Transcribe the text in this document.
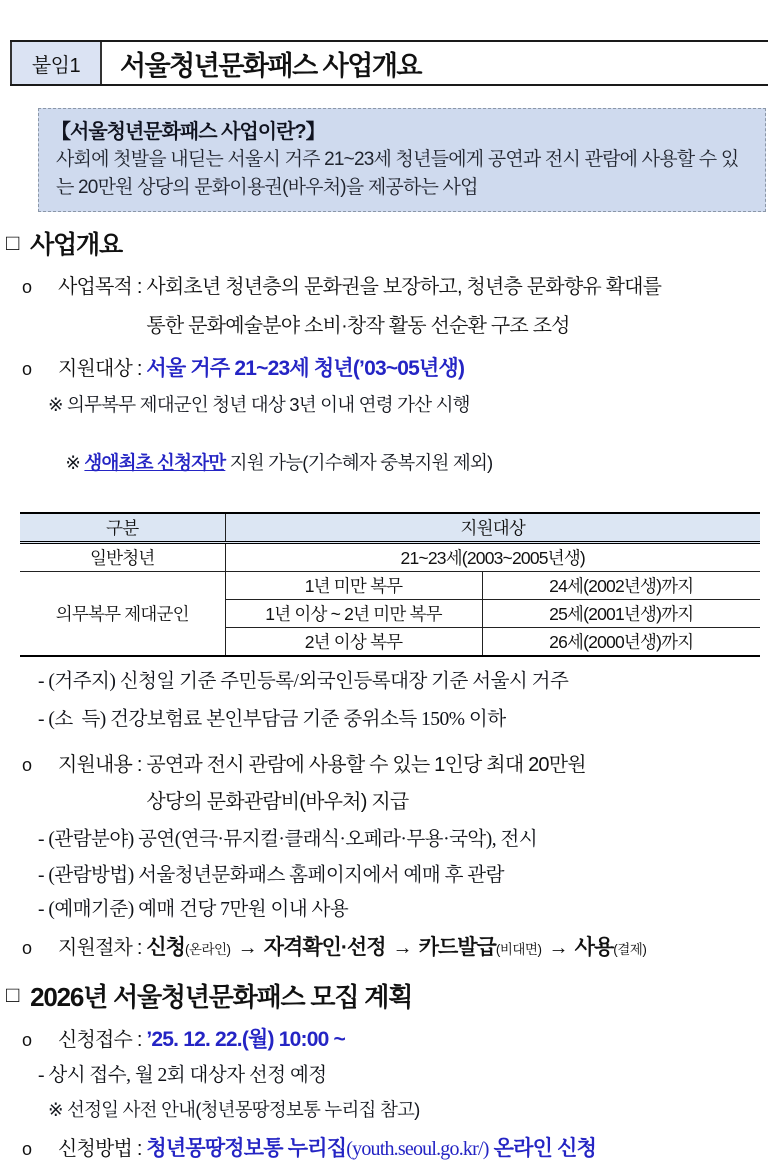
붙임1	서울청년문화패스 사업개요
【서울청년문화패스 사업이란?】
사회에 첫발을 내딛는 서울시 거주 21~23세 청년들에게 공연과 전시 관람에 사용할 수 있는 20만원 상당의 문화이용권(바우처)을 제공하는 사업
□ 사업개요
o	사업목적 : 사회초년 청년층의 문화권을 보장하고, 청년층 문화향유 확대를
통한 문화예술분야 소비·창작 활동 선순환 구조 조성
o	지원대상 : 서울 거주 21~23세 청년(’03~05년생)
※ 의무복무 제대군인 청년 대상 3년 이내 연령 가산 시행

※ 생애최초 신청자만 지원 가능(기수혜자 중복지원 제외)

구분	지원대상	
일반청년	21~23세(2003~2005년생)	
의무복무 제대군인	1년 미만 복무	24세(2002년생)까지
	1년 이상 ~ 2년 미만 복무	25세(2001년생)까지
	2년 이상 복무	26세(2000년생)까지
- (거주지) 신청일 기준 주민등록/외국인등록대장 기준 서울시 거주
- (소  득) 건강보험료 본인부담금 기준 중위소득 150% 이하
o	지원내용 : 공연과 전시 관람에 사용할 수 있는 1인당 최대 20만원
상당의 문화관람비(바우처) 지급
- (관람분야) 공연(연극·뮤지컬·클래식·오페라·무용·국악), 전시
- (관람방법) 서울청년문화패스 홈페이지에서 예매 후 관람
- (예매기준) 예매 건당 7만원 이내 사용
o	지원절차 : 신청(온라인) → 자격확인·선정 → 카드발급(비대면) → 사용(결제)
□ 2026년 서울청년문화패스 모집 계획
o	신청접수 : ’25. 12. 22.(월) 10:00 ~
- 상시 접수, 월 2회 대상자 선정 예정
※ 선정일 사전 안내(청년몽땅정보통 누리집 참고)
o	신청방법 : 청년몽땅정보통 누리집(youth.seoul.go.kr/) 온라인 신청
